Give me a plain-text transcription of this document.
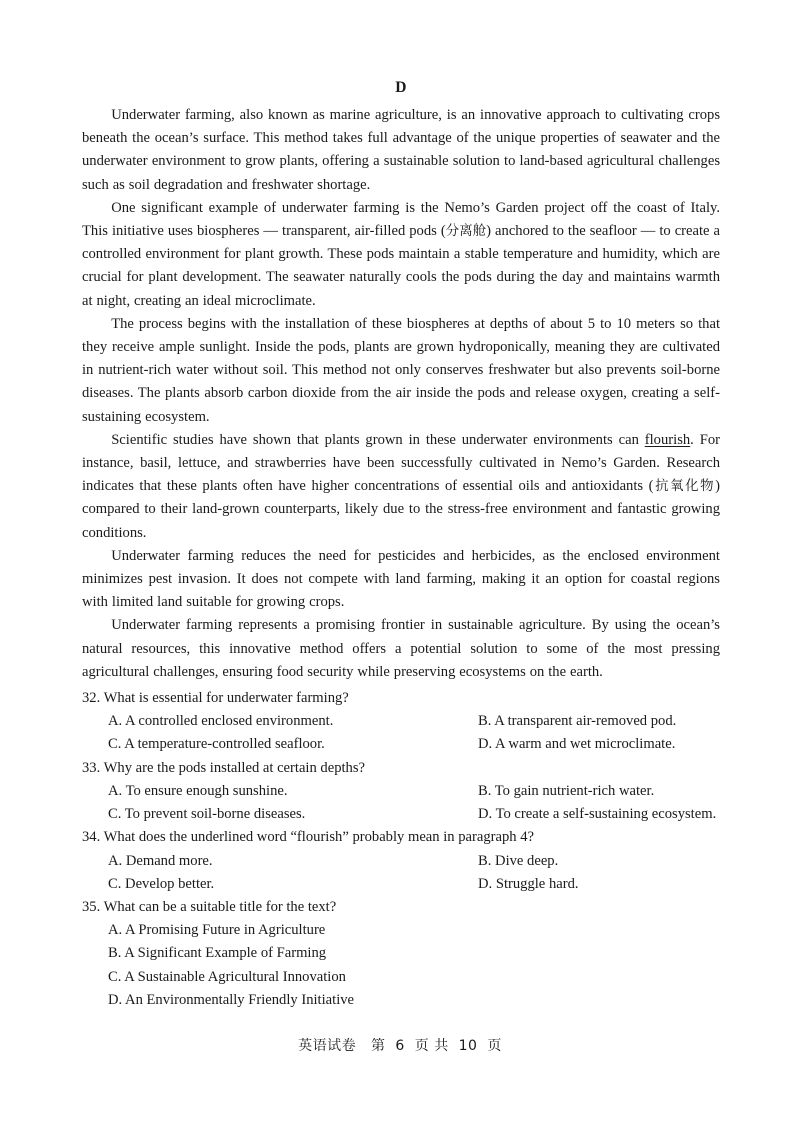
D

Underwater farming, also known as marine agriculture, is an innovative approach to cultivating crops beneath the ocean’s surface. This method takes full advantage of the unique properties of seawater and the underwater environment to grow plants, offering a sustainable solution to land-based agricultural challenges such as soil degradation and freshwater shortage.

One significant example of underwater farming is the Nemo’s Garden project off the coast of Italy. This initiative uses biospheres — transparent, air-filled pods (分离舱) anchored to the seafloor — to create a controlled environment for plant growth. These pods maintain a stable temperature and humidity, which are crucial for plant development. The seawater naturally cools the pods during the day and maintains warmth at night, creating an ideal microclimate.

The process begins with the installation of these biospheres at depths of about 5 to 10 meters so that they receive ample sunlight. Inside the pods, plants are grown hydroponically, meaning they are cultivated in nutrient-rich water without soil. This method not only conserves freshwater but also prevents soil-borne diseases. The plants absorb carbon dioxide from the air inside the pods and release oxygen, creating a self-sustaining ecosystem.

Scientific studies have shown that plants grown in these underwater environments can flourish. For instance, basil, lettuce, and strawberries have been successfully cultivated in Nemo’s Garden. Research indicates that these plants often have higher concentrations of essential oils and antioxidants (抗氧化物) compared to their land-grown counterparts, likely due to the stress-free environment and fantastic growing conditions.

Underwater farming reduces the need for pesticides and herbicides, as the enclosed environment minimizes pest invasion. It does not compete with land farming, making it an option for coastal regions with limited land suitable for growing crops.

Underwater farming represents a promising frontier in sustainable agriculture. By using the ocean’s natural resources, this innovative method offers a potential solution to some of the most pressing agricultural challenges, ensuring food security while preserving ecosystems on the earth.

32. What is essential for underwater farming?
A. A controlled enclosed environment.	B. A transparent air-removed pod.
C. A temperature-controlled seafloor.	D. A warm and wet microclimate.
33. Why are the pods installed at certain depths?
A. To ensure enough sunshine.	B. To gain nutrient-rich water.
C. To prevent soil-borne diseases.	D. To create a self-sustaining ecosystem.
34. What does the underlined word “flourish” probably mean in paragraph 4?
A. Demand more.	B. Dive deep.
C. Develop better.	D. Struggle hard.
35. What can be a suitable title for the text?
A. A Promising Future in Agriculture
B. A Significant Example of Farming
C. A Sustainable Agricultural Innovation
D. An Environmentally Friendly Initiative
英语试卷 第 6 页 共 10 页
